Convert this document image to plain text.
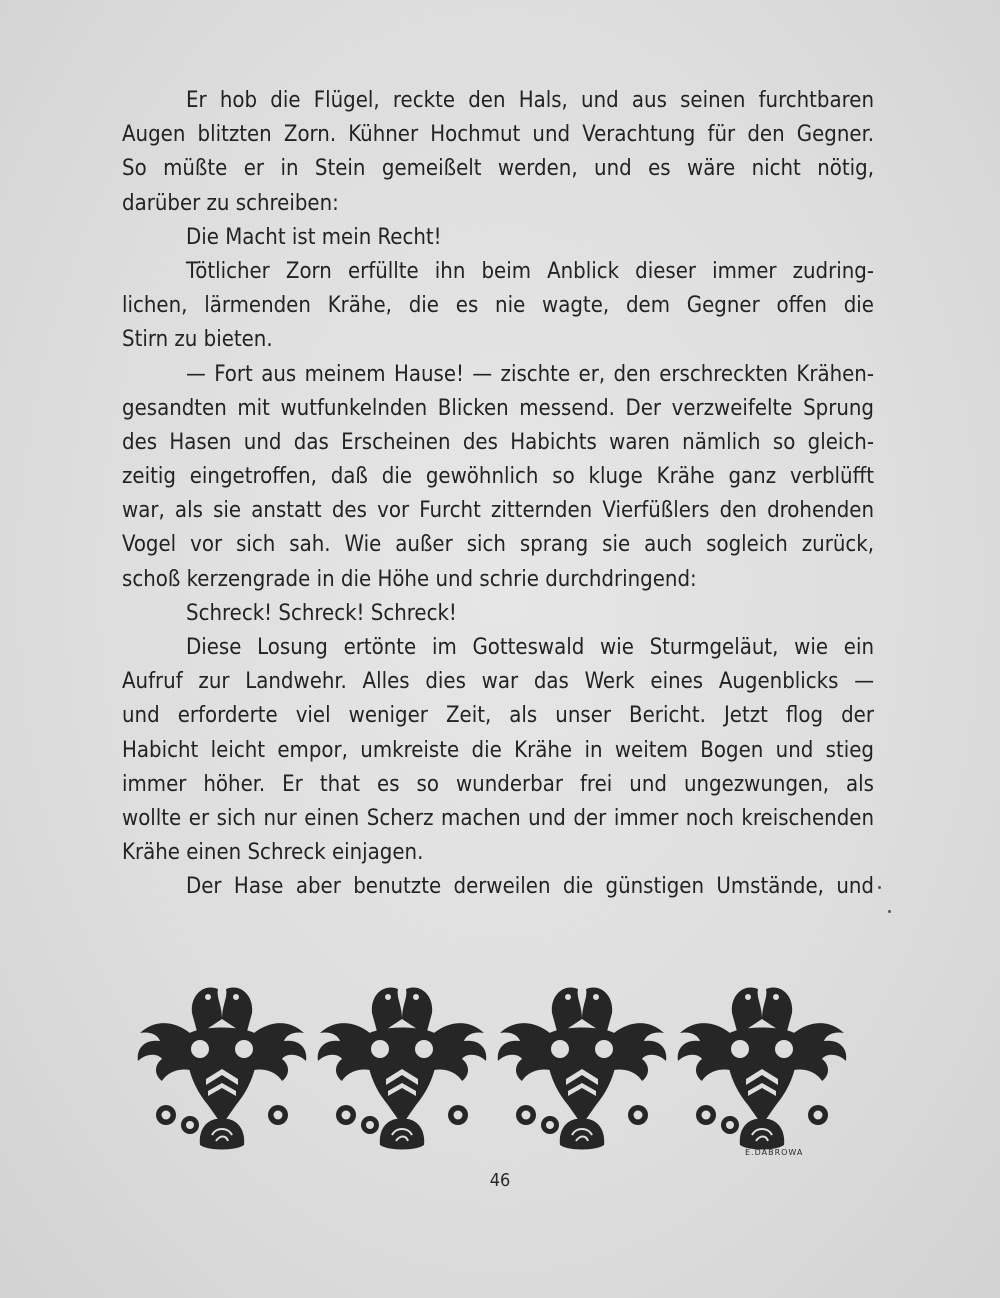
Er hob die Flügel, reckte den Hals, und aus seinen furchtbaren
Augen blitzten Zorn. Kühner Hochmut und Verachtung für den Gegner.
So müßte er in Stein gemeißelt werden, und es wäre nicht nötig,
darüber zu schreiben:
Die Macht ist mein Recht!
Tötlicher Zorn erfüllte ihn beim Anblick dieser immer zudring-
lichen, lärmenden Krähe, die es nie wagte, dem Gegner offen die
Stirn zu bieten.
— Fort aus meinem Hause! — zischte er, den erschreckten Krähen-
gesandten mit wutfunkelnden Blicken messend. Der verzweifelte Sprung
des Hasen und das Erscheinen des Habichts waren nämlich so gleich-
zeitig eingetroffen, daß die gewöhnlich so kluge Krähe ganz verblüfft
war, als sie anstatt des vor Furcht zitternden Vierfüßlers den drohenden
Vogel vor sich sah. Wie außer sich sprang sie auch sogleich zurück,
schoß kerzengrade in die Höhe und schrie durchdringend:
Schreck! Schreck! Schreck!
Diese Losung ertönte im Gotteswald wie Sturmgeläut, wie ein
Aufruf zur Landwehr. Alles dies war das Werk eines Augenblicks —
und erforderte viel weniger Zeit, als unser Bericht. Jetzt flog der
Habicht leicht empor, umkreiste die Krähe in weitem Bogen und stieg
immer höher. Er that es so wunderbar frei und ungezwungen, als
wollte er sich nur einen Scherz machen und der immer noch kreischenden
Krähe einen Schreck einjagen.
Der Hase aber benutzte derweilen die günstigen Umstände, und
E.DABROWA
46
